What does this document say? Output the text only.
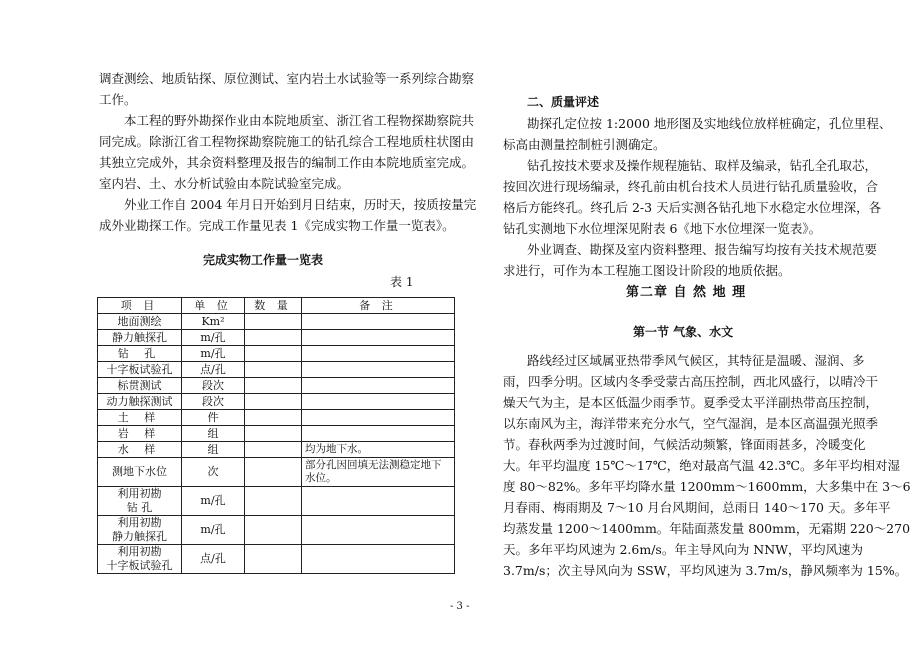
调查测绘、地质钻探、原位测试、室内岩土水试验等一系列综合勘察

工作。

本工程的野外勘探作业由本院地质室、浙江省工程物探勘察院共

同完成。除浙江省工程物探勘察院施工的钻孔综合工程地质柱状图由

其独立完成外，其余资料整理及报告的编制工作由本院地质室完成。

室内岩、土、水分析试验由本院试验室完成。

外业工作自 2004 年月日开始到月日结束，历时天，按质按量完

成外业勘探工作。完成工作量见表 1《完成实物工作量一览表》。

完成实物工作量一览表

表 1

项 目	单 位	数 量	备 注
地面测绘	Km²		
静力触探孔	m/孔		
钻 孔	m/孔		
十字板试验孔	点/孔		
标贯测试	段次		
动力触探测试	段次		
土 样	件		
岩 样	组		
水 样	组		均为地下水。
测地下水位	次		部分孔因回填无法测稳定地下水位。
利用初勘
钻 孔	m/孔		
利用初勘
静力触探孔	m/孔		
利用初勘
十字板试验孔	点/孔		

二、质量评述

勘探孔定位按 1:2000 地形图及实地线位放样桩确定，孔位里程、

标高由测量控制桩引测确定。

钻孔按技术要求及操作规程施钻、取样及编录，钻孔全孔取芯，

按回次进行现场编录，终孔前由机台技术人员进行钻孔质量验收，合

格后方能终孔。终孔后 2-3 天后实测各钻孔地下水稳定水位埋深，各

钻孔实测地下水位埋深见附表 6《地下水位埋深一览表》。

外业调查、勘探及室内资料整理、报告编写均按有关技术规范要

求进行，可作为本工程施工图设计阶段的地质依据。

第二章 自 然 地 理

第一节 气象、水文

路线经过区域属亚热带季风气候区，其特征是温暖、湿润、多

雨，四季分明。区域内冬季受蒙古高压控制，西北风盛行，以晴冷干

燥天气为主，是本区低温少雨季节。夏季受太平洋副热带高压控制，

以东南风为主，海洋带来充分水气，空气湿润，是本区高温强光照季

节。春秋两季为过渡时间，气候活动频繁，锋面雨甚多，冷暖变化

大。年平均温度 15℃～17℃，绝对最高气温 42.3℃。多年平均相对湿

度 80～82%。多年平均降水量 1200mm～1600mm，大多集中在 3～6

月春雨、梅雨期及 7～10 月台风期间，总雨日 140～170 天。多年平

均蒸发量 1200～1400mm。年陆面蒸发量 800mm，无霜期 220～270

天。多年平均风速为 2.6m/s。年主导风向为 NNW，平均风速为

3.7m/s；次主导风向为 SSW，平均风速为 3.7m/s，静风频率为 15%。

- 3 -
